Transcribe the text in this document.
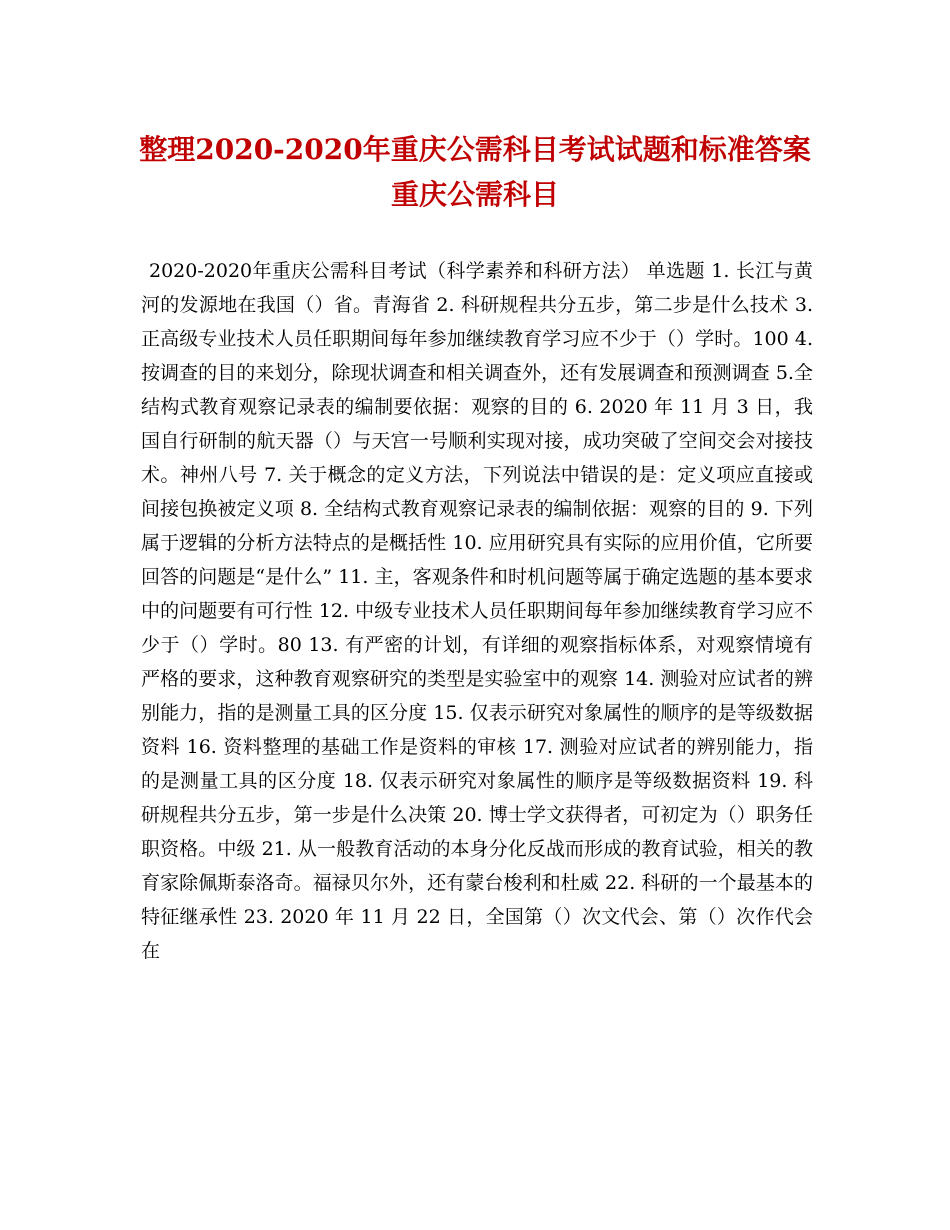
整理2020-2020年重庆公需科目考试试题和标准答案
重庆公需科目

2020-2020年重庆公需科目考试（科学素养和科研方法） 单选题 1. 长江与黄河的发源地在我国（）省。青海省 2. 科研规程共分五步，第二步是什么技术 3. 正高级专业技术人员任职期间每年参加继续教育学习应不少于（）学时。100 4. 按调查的目的来划分，除现状调查和相关调查外，还有发展调查和预测调查 5.全结构式教育观察记录表的编制要依据：观察的目的 6. 2020 年 11 月 3 日，我国自行研制的航天器（）与天宫一号顺利实现对接，成功突破了空间交会对接技术。神州八号 7. 关于概念的定义方法，下列说法中错误的是：定义项应直接或间接包换被定义项 8. 全结构式教育观察记录表的编制依据：观察的目的 9. 下列属于逻辑的分析方法特点的是概括性 10. 应用研究具有实际的应用价值，它所要回答的问题是“是什么” 11. 主，客观条件和时机问题等属于确定选题的基本要求中的问题要有可行性 12. 中级专业技术人员任职期间每年参加继续教育学习应不少于（）学时。80 13. 有严密的计划，有详细的观察指标体系，对观察情境有严格的要求，这种教育观察研究的类型是实验室中的观察 14. 测验对应试者的辨别能力，指的是测量工具的区分度 15. 仅表示研究对象属性的顺序的是等级数据资料 16. 资料整理的基础工作是资料的审核 17. 测验对应试者的辨别能力，指的是测量工具的区分度 18. 仅表示研究对象属性的顺序是等级数据资料 19. 科研规程共分五步，第一步是什么决策 20. 博士学文获得者，可初定为（）职务任职资格。中级 21. 从一般教育活动的本身分化反战而形成的教育试验，相关的教育家除佩斯泰洛奇。福禄贝尔外，还有蒙台梭利和杜威 22. 科研的一个最基本的特征继承性 23. 2020 年 11 月 22 日，全国第（）次文代会、第（）次作代会在
